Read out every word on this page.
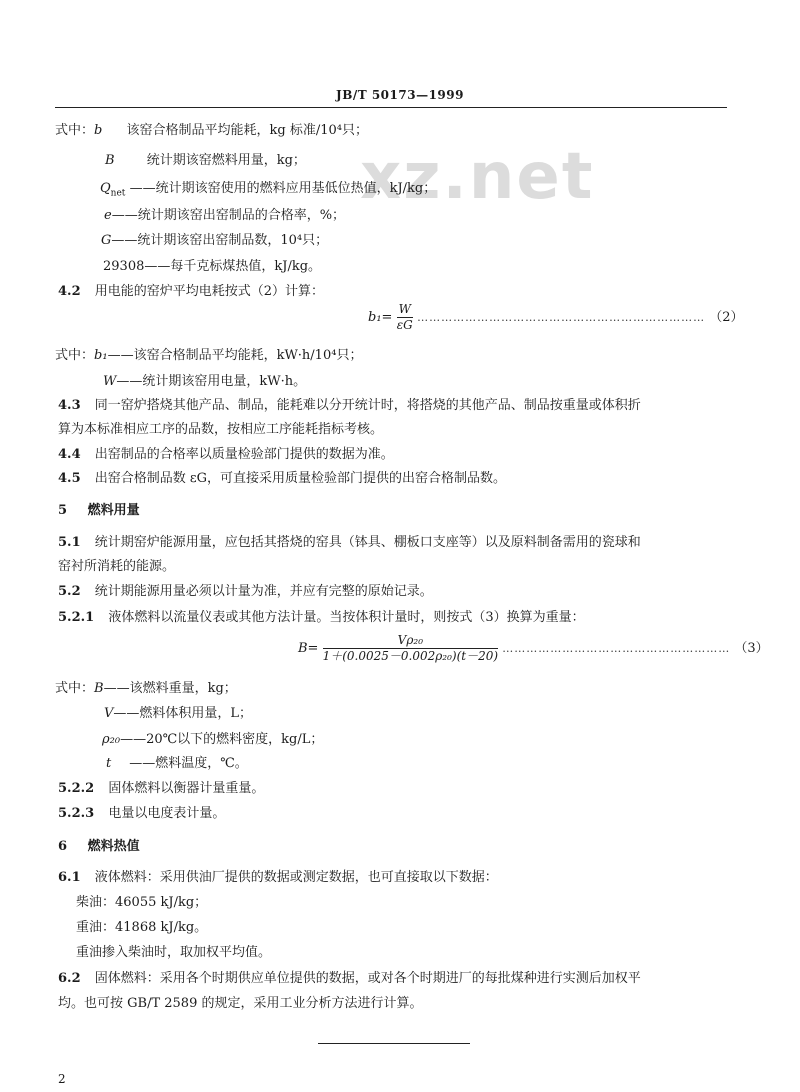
JB/T 50173—1999
xz.net
式中：b 该窑合格制品平均能耗，kg 标准/10⁴只；
B 统计期该窑燃料用量，kg；
$Q_{net}$ ——统计期该窑使用的燃料应用基低位热值，kJ/kg；
e——统计期该窑出窑制品的合格率，%；
G——统计期该窑出窑制品数，10⁴只；
29308——每千克标煤热值，kJ/kg。
4.2 用电能的窑炉平均电耗按式（2）计算：
$b_1= \frac{W}{\varepsilon G}$ ……………………………………………………………… （2）
式中：b₁——该窑合格制品平均能耗，kW·h/10⁴只；
W——统计期该窑用电量，kW·h。
4.3 同一窑炉搭烧其他产品、制品，能耗难以分开统计时，将搭烧的其他产品、制品按重量或体积折
算为本标准相应工序的品数，按相应工序能耗指标考核。
4.4 出窑制品的合格率以质量检验部门提供的数据为准。
4.5 出窑合格制品数 εG，可直接采用质量检验部门提供的出窑合格制品数。
5 燃料用量
5.1 统计期窑炉能源用量，应包括其搭烧的窑具（钵具、棚板口支座等）以及原料制备需用的瓷球和
窑衬所消耗的能源。
5.2 统计期能源用量必须以计量为准，并应有完整的原始记录。
5.2.1 液体燃料以流量仪表或其他方法计量。当按体积计量时，则按式（3）换算为重量：
$B= \frac{\text{Vρ₂₀}}{\text{1＋(0.0025－0.002ρ₂₀)(t－20)}}$ ………………………………………………… （3）
式中：B——该燃料重量，kg；
V——燃料体积用量，L；
ρ₂₀——20℃以下的燃料密度，kg/L；
t ——燃料温度，℃。
5.2.2 固体燃料以衡器计量重量。
5.2.3 电量以电度表计量。
6 燃料热值
6.1 液体燃料：采用供油厂提供的数据或测定数据，也可直接取以下数据：
柴油：46055 kJ/kg；
重油：41868 kJ/kg。
重油掺入柴油时，取加权平均值。
6.2 固体燃料：采用各个时期供应单位提供的数据，或对各个时期进厂的每批煤种进行实测后加权平
均。也可按 GB/T 2589 的规定，采用工业分析方法进行计算。
2
